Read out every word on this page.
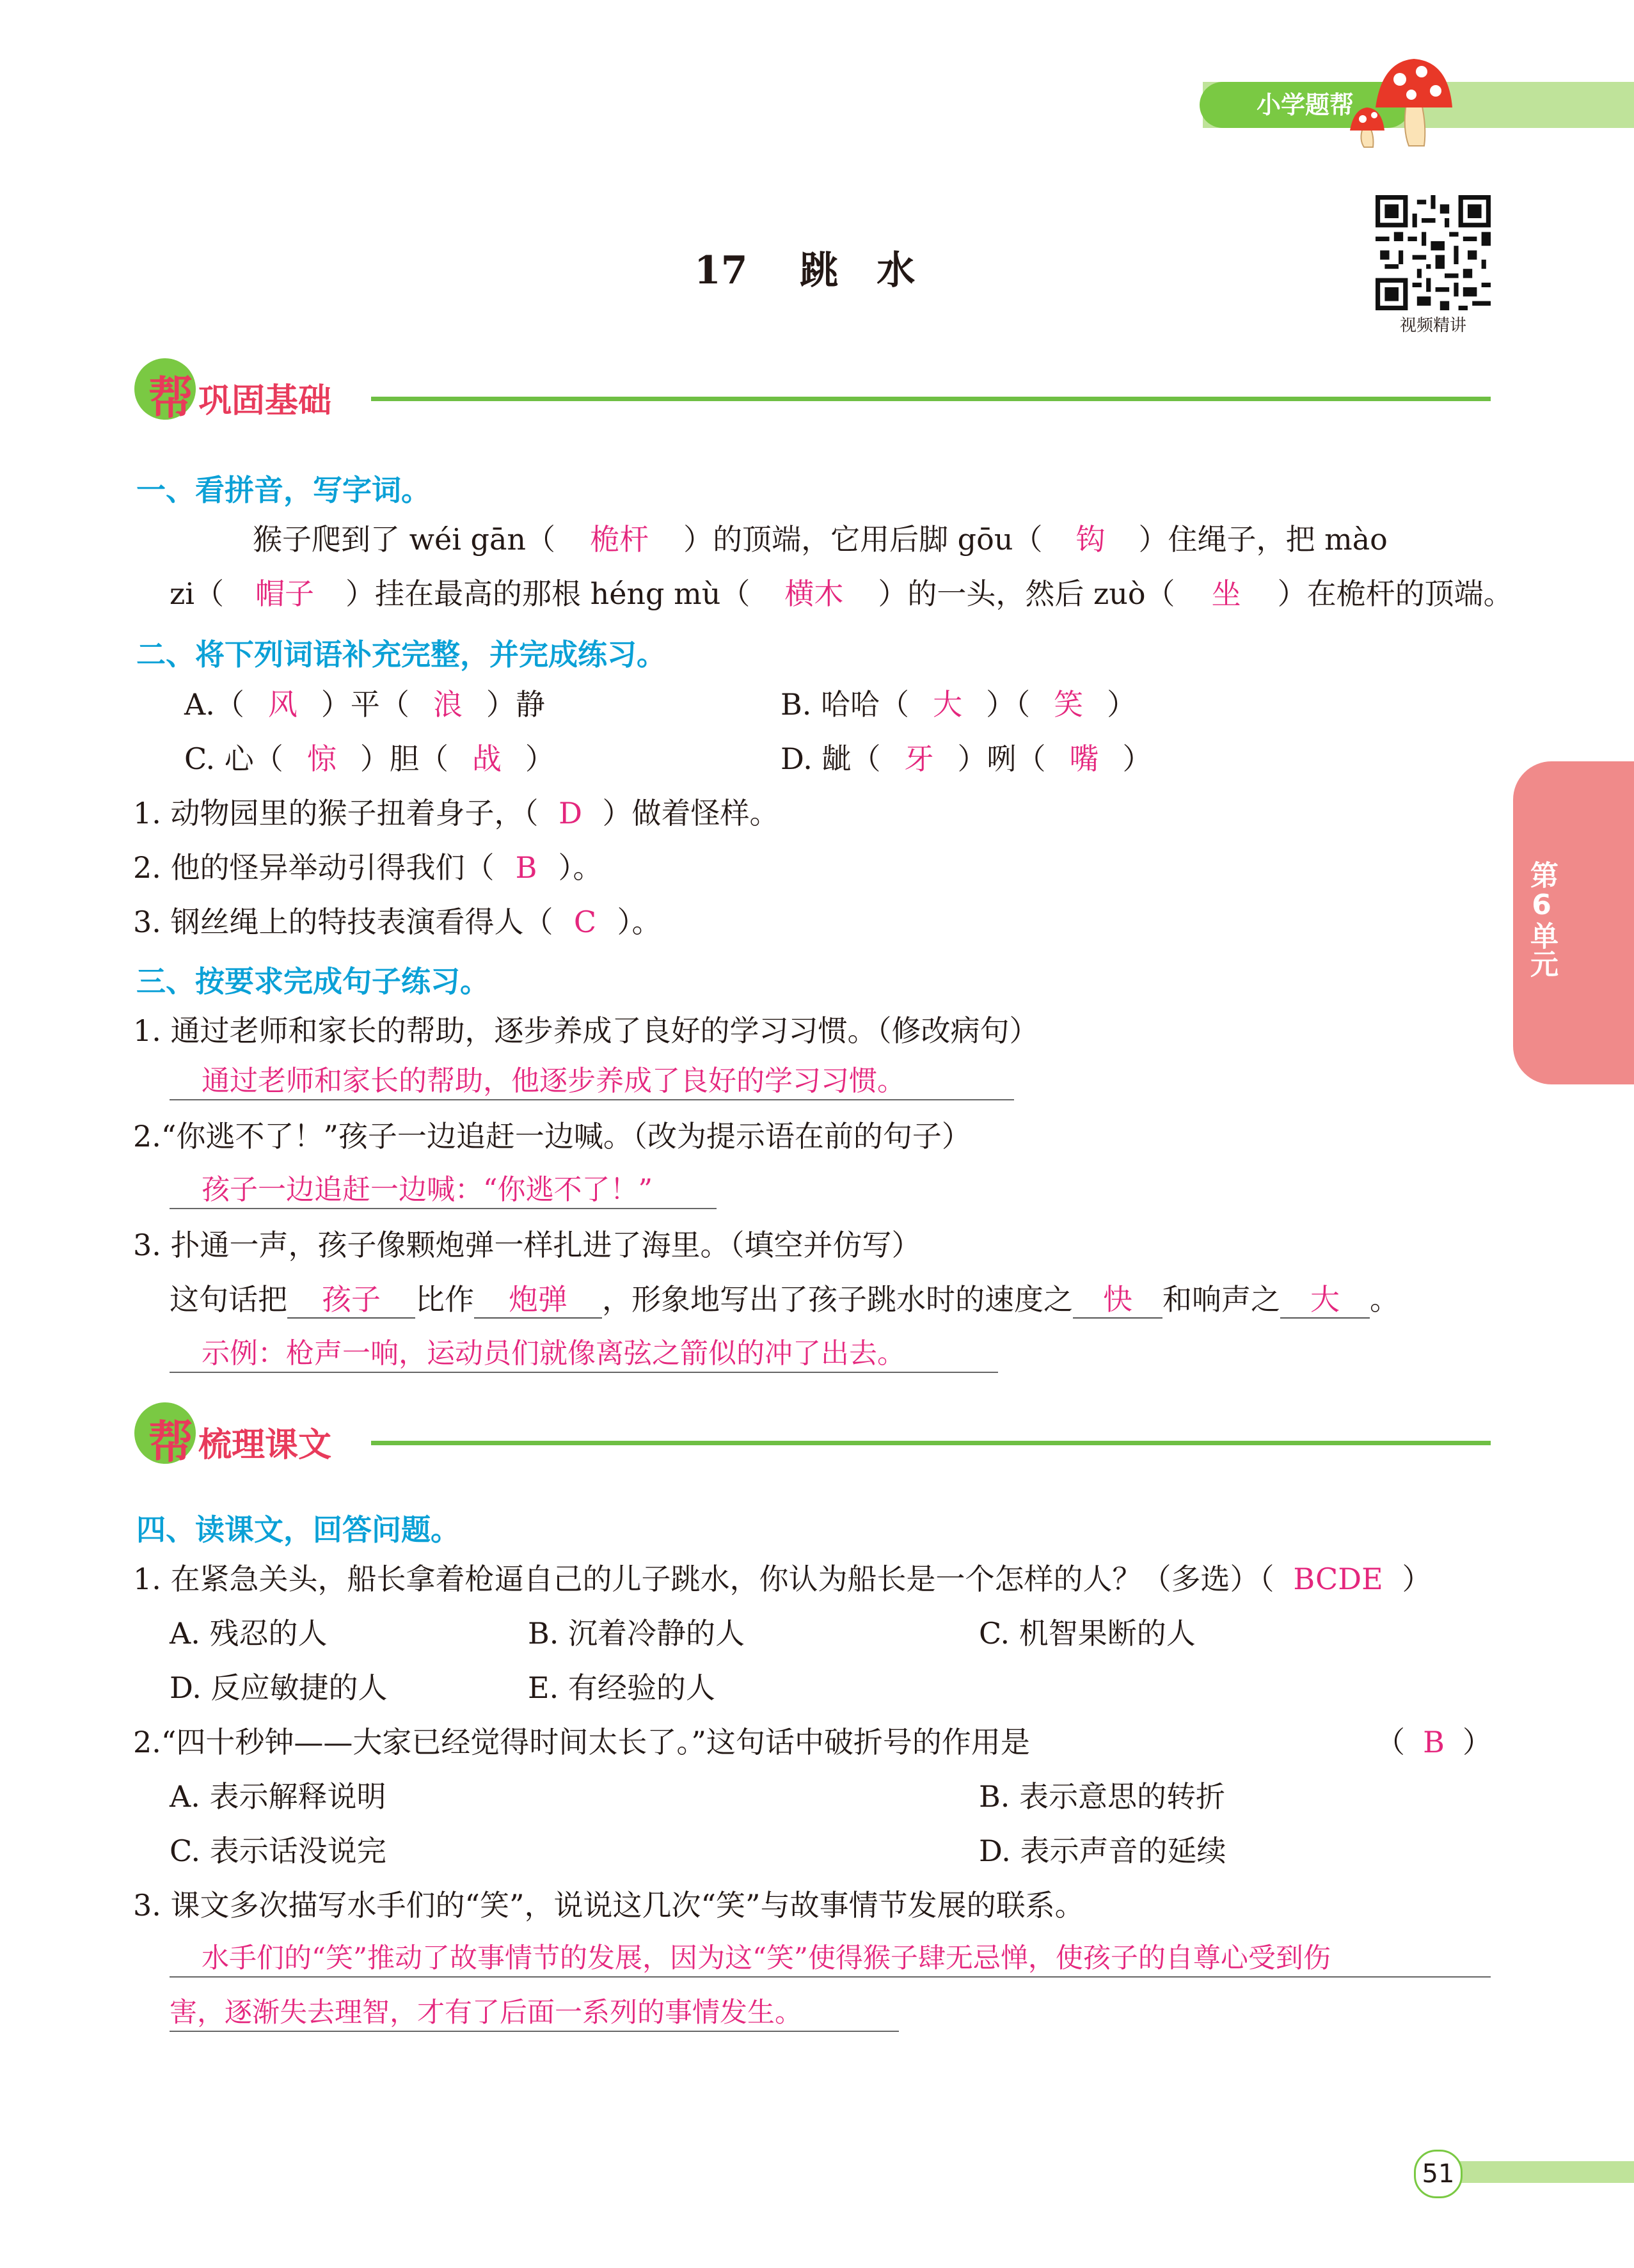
小学题帮
17 跳　水
视频精讲
帮 巩固基础
第6单元
一、看拼音，写字词。
猴子爬到了 wéi gān（ 桅杆 ）的顶端，它用后脚 gōu（ 钩 ）住绳子，把 mào
zi（ 帽子 ）挂在最高的那根 héng mù（ 横木 ）的一头，然后 zuò（ 坐 ）在桅杆的顶端。
二、将下列词语补充完整，并完成练习。
A.（ 风 ）平（ 浪 ）静	B. 哈哈（ 大 ）（ 笑 ）
C. 心（ 惊 ）胆（ 战 ）	D. 龇（ 牙 ）咧（ 嘴 ）
1. 动物园里的猴子扭着身子，（ D ）做着怪样。
2. 他的怪异举动引得我们（ B ）。
3. 钢丝绳上的特技表演看得人（ C ）。
三、按要求完成句子练习。
1. 通过老师和家长的帮助，逐步养成了良好的学习习惯。（修改病句）
通过老师和家长的帮助，他逐步养成了良好的学习习惯。
2.“你逃不了！”孩子一边追赶一边喊。（改为提示语在前的句子）
孩子一边追赶一边喊：“你逃不了！”
3. 扑通一声，孩子像颗炮弹一样扎进了海里。（填空并仿写）
这句话把 孩子 比作 炮弹 ，形象地写出了孩子跳水时的速度之 快 和响声之 大 。
示例：枪声一响，运动员们就像离弦之箭似的冲了出去。
帮 梳理课文
四、读课文，回答问题。
1. 在紧急关头，船长拿着枪逼自己的儿子跳水，你认为船长是一个怎样的人？（多选）（ BCDE ）
A. 残忍的人	B. 沉着冷静的人	C. 机智果断的人
D. 反应敏捷的人	E. 有经验的人
2.“四十秒钟——大家已经觉得时间太长了。”这句话中破折号的作用是	（ B ）
A. 表示解释说明	B. 表示意思的转折
C. 表示话没说完	D. 表示声音的延续
3. 课文多次描写水手们的“笑”，说说这几次“笑”与故事情节发展的联系。
水手们的“笑”推动了故事情节的发展，因为这“笑”使得猴子肆无忌惮，使孩子的自尊心受到伤
害，逐渐失去理智，才有了后面一系列的事情发生。
51
